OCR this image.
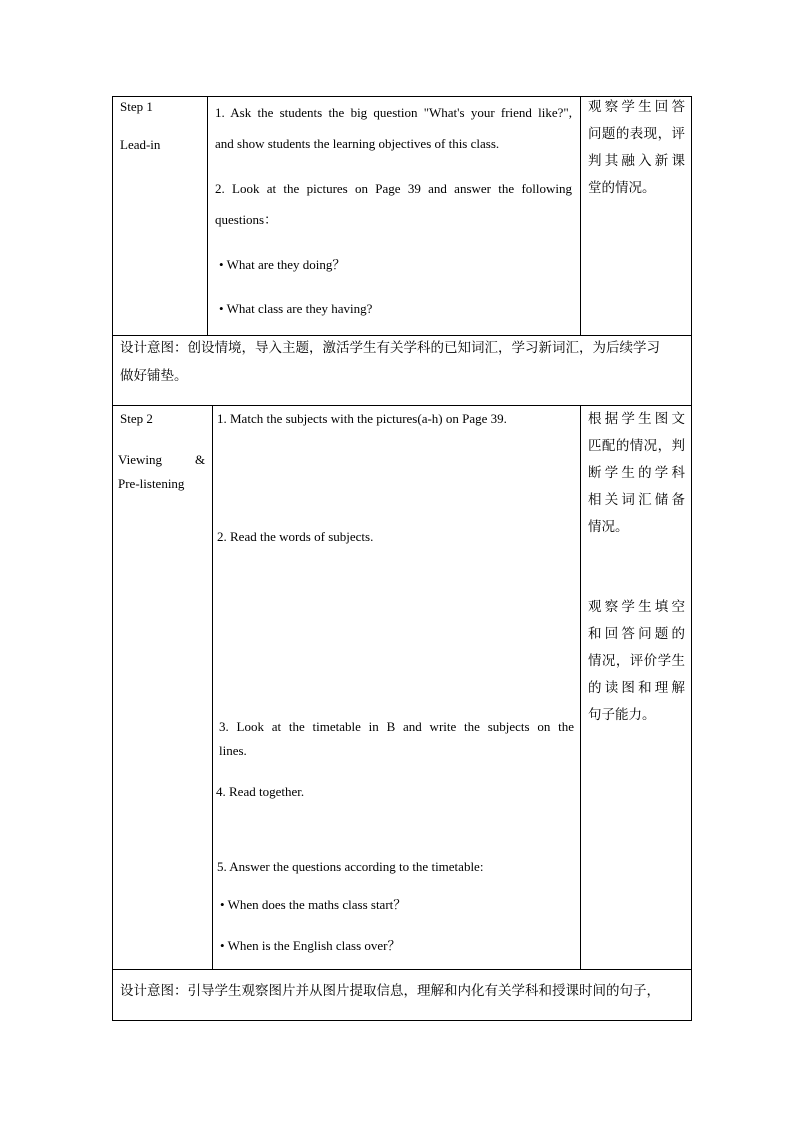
Step 1
Lead-in
1. Ask the students the big question "What's your friend like?",
and show students the learning objectives of this class.
2. Look at the pictures on Page 39 and answer the following
questions：
• What are they doing？
• What class are they having?
观察学生回答
问题的表现，评
判其融入新课
堂的情况。
设计意图：创设情境，导入主题，激活学生有关学科的已知词汇，学习新词汇，为后续学习
做好铺垫。
Step 2
Viewing	&
Pre-listening
1. Match the subjects with the pictures(a-h) on Page 39.
2. Read the words of subjects.
3. Look at the timetable in B and write the subjects on the
lines.
4. Read together.
5. Answer the questions according to the timetable:
• When does the maths class start？
• When is the English class over？
根据学生图文
匹配的情况，判
断学生的学科
相关词汇储备
情况。
观察学生填空
和回答问题的
情况，评价学生
的读图和理解
句子能力。
设计意图：引导学生观察图片并从图片提取信息，理解和内化有关学科和授课时间的句子，
